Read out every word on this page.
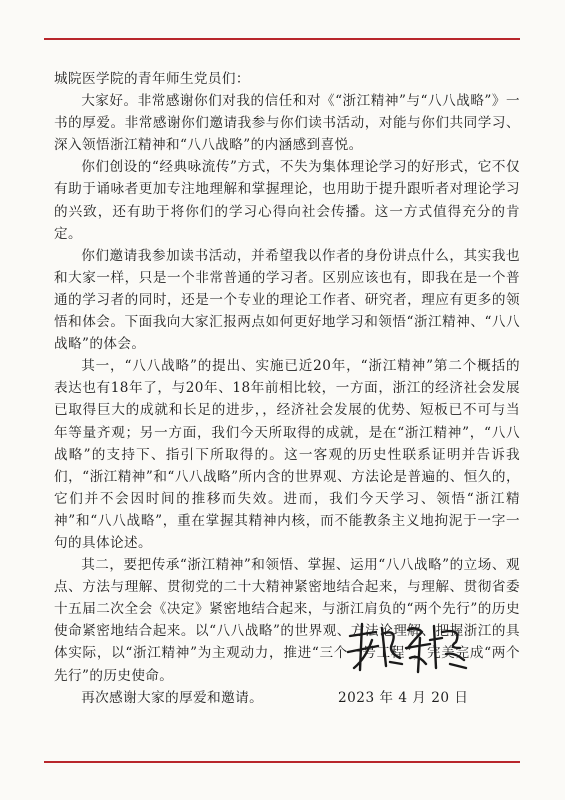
城院医学院的青年师生党员们：

大家好。非常感谢你们对我的信任和对《“浙江精神”与“八八战略”》一书的厚爱。非常感谢你们邀请我参与你们读书活动，对能与你们共同学习、深入领悟浙江精神和“八八战略”的内涵感到喜悦。

你们创设的“经典咏流传”方式，不失为集体理论学习的好形式，它不仅有助于诵咏者更加专注地理解和掌握理论，也用助于提升跟听者对理论学习的兴致，还有助于将你们的学习心得向社会传播。这一方式值得充分的肯定。

你们邀请我参加读书活动，并希望我以作者的身份讲点什么，其实我也和大家一样，只是一个非常普通的学习者。区别应该也有，即我在是一个普通的学习者的同时，还是一个专业的理论工作者、研究者，理应有更多的领悟和体会。下面我向大家汇报两点如何更好地学习和领悟“浙江精神、“八八战略”的体会。

其一，“八八战略”的提出、实施已近20年，“浙江精神”第二个概括的表达也有18年了，与20年、18年前相比较，一方面，浙江的经济社会发展已取得巨大的成就和长足的进步，，经济社会发展的优势、短板已不可与当年等量齐观；另一方面，我们今天所取得的成就，是在“浙江精神”，“八八战略”的支持下、指引下所取得的。这一客观的历史性联系证明并告诉我们，“浙江精神”和“八八战略”所内含的世界观、方法论是普遍的、恒久的，它们并不会因时间的推移而失效。进而，我们今天学习、领悟“浙江精神”和“八八战略”，重在掌握其精神内核，而不能教条主义地拘泥于一字一句的具体论述。

其二，要把传承“浙江精神”和领悟、掌握、运用“八八战略”的立场、观点、方法与理解、贯彻党的二十大精神紧密地结合起来，与理解、贯彻省委十五届二次全会《决定》紧密地结合起来，与浙江肩负的“两个先行”的历史使命紧密地结合起来。以“八八战略”的世界观、方法论理解、把握浙江的具体实际，以“浙江精神”为主观动力，推进“三个一号工程”，完美完成“两个先行”的历史使命。

再次感谢大家的厚爱和邀请。	2023 年 4 月 20 日
